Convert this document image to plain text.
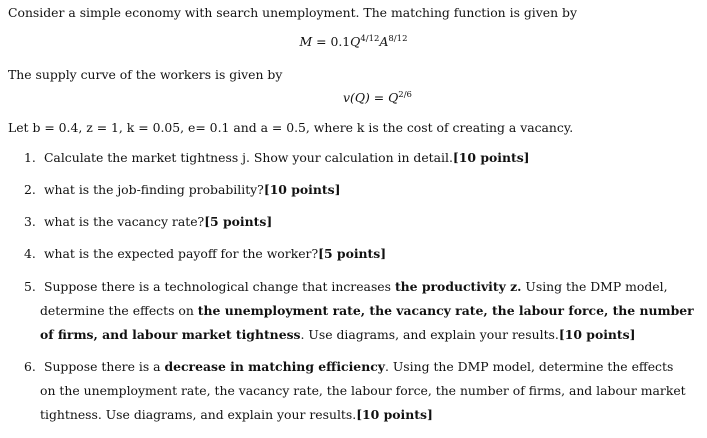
Consider a simple economy with search unemployment. The matching function is given by
$M = 0.1Q^{4/12}A^{8/12}$
The supply curve of the workers is given by
$v(Q) = Q^{2/6}$
Let b = 0.4, z = 1, k = 0.05, e= 0.1 and a = 0.5, where k is the cost of creating a vacancy.
1. Calculate the market tightness j. Show your calculation in detail.[10 points]
2. what is the job-finding probability?[10 points]
3. what is the vacancy rate?[5 points]
4. what is the expected payoff for the worker?[5 points]
5. Suppose there is a technological change that increases the productivity z. Using the DMP model,
determine the effects on the unemployment rate, the vacancy rate, the labour force, the number
of firms, and labour market tightness. Use diagrams, and explain your results.[10 points]
6. Suppose there is a decrease in matching efficiency. Using the DMP model, determine the effects
on the unemployment rate, the vacancy rate, the labour force, the number of firms, and labour market
tightness. Use diagrams, and explain your results.[10 points]
